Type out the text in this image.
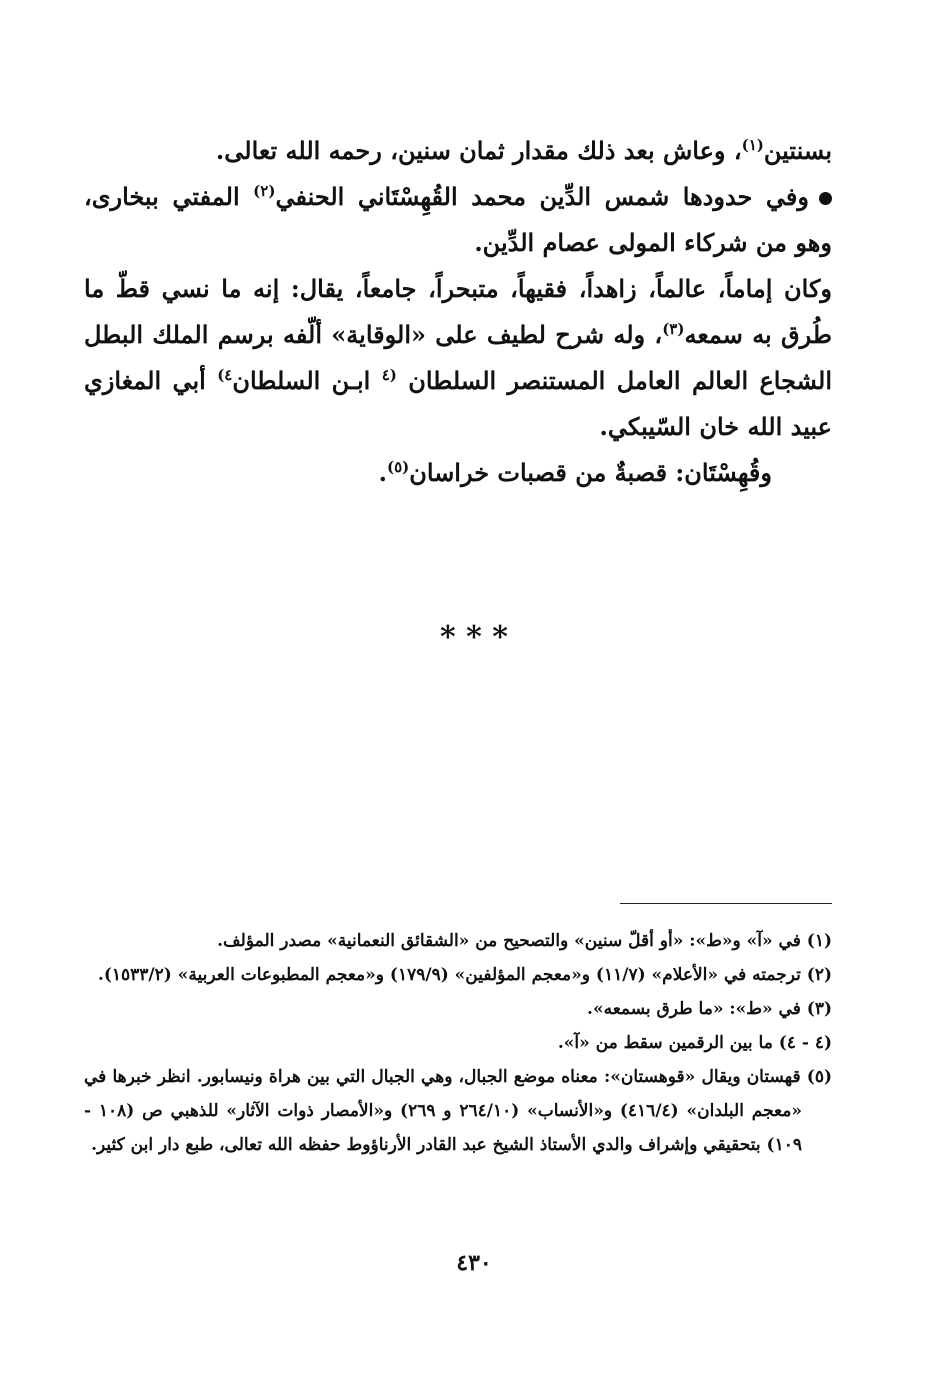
بسنتين$^{(١)}$، وعاش بعد ذلك مقدار ثمان سنين، رحمه الله تعالى.

وفي حدودها شمس الدِّين محمد القُهِسْتَاني الحنفي$^{(٢)}$ المفتي ببخارى، وهو من شركاء المولى عصام الدِّين.

وكان إماماً، عالماً، زاهداً، فقيهاً، متبحراً، جامعاً، يقال: إنه ما نسي قطّ ما طُرق به سمعه$^{(٣)}$، وله شرح لطيف على «الوقاية» ألّفه برسم الملك البطل الشجاع العالم العامل المستنصر السلطان $^{(٤}$ ابـن السلطان$^{٤)}$ أبي المغازي عبيد الله خان السّيبكي.

وقُهِسْتَان: قصبةٌ من قصبات خراسان$^{(٥)}$.

* * *

(١) في «آ» و«ط»: «أو أقلّ سنين» والتصحيح من «الشقائق النعمانية» مصدر المؤلف.

(٢) ترجمته في «الأعلام» (١١/٧) و«معجم المؤلفين» (١٧٩/٩) و«معجم المطبوعات العربية» (١٥٣٣/٢).

(٣) في «ط»: «ما طرق بسمعه».

(٤ - ٤) ما بين الرقمين سقط من «آ».

(٥) قهستان ويقال «قوهستان»: معناه موضع الجبال، وهي الجبال التي بين هراة ونيسابور. انظر خبرها في «معجم البلدان» (٤١٦/٤) و«الأنساب» (٢٦٤/١٠ و ٢٦٩) و«الأمصار ذوات الآثار» للذهبي ص (١٠٨ - ١٠٩) بتحقيقي وإشراف والدي الأستاذ الشيخ عبد القادر الأرناؤوط حفظه الله تعالى، طبع دار ابن كثير.

٤٣٠
